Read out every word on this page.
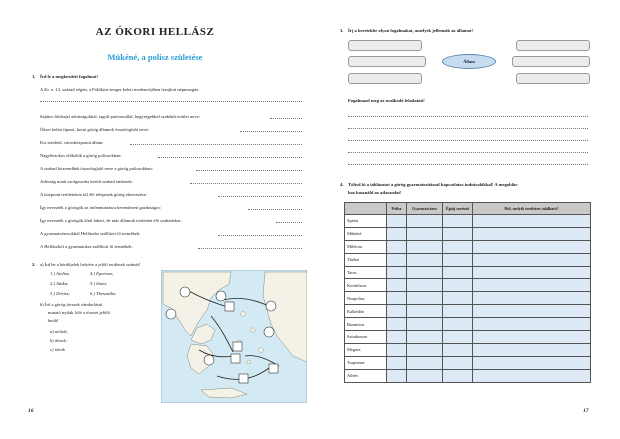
AZ ÓKORI HELLÁSZ
Mükéné, a polisz születése
1. Írd le a megkezdett fogalmat!
A Kr. e. 13. század végén, a Földközi-tenger keleti medencéjében lezajlott népmozgás:
Sajátos földrajzi adottságokkal, tagolt partvonallal, hegységekkel szabdalt terület neve:
Ókori keleti típusú, korai görög államok összefoglaló neve:
Kis területű, városközpontú állam:
Nagybirtokos előkelők a görög poliszokban:
A szabad közrendűek összefoglaló neve a görög poliszokban:
Adósság miatt szolgasorba került szabad emberek:
A központi területeken túl élő telepesek görög elnevezése:
Így nevezték a görögök az önfenntartásra berendezett gazdaságot:
Így nevezték a görögök által lakott, de más államok területén élő szabadokat:
A gyarmatvárosokból Hellászba szállított fő termékek:
A Hellászból a gyarmatokra szállított fő termékek:
2. a) Írd be a kérdőjelek helyére a jelölt területek számát!
1.) Aiolisz;	4.) Epeirosz;
2.) Attika;	5.) Iónia;
3.) Dórisz;	6.) Thesszália
b) Írd a görög törzsek vándorlását
mutató nyilak fölé a törzset jelölő
betűt!
a) aiolok;
b) dórok;
c) iónok
16
3. Írj a keretekbe olyan fogalmakat, amelyek jellemzik az államot!
Állam
Fogalmazd meg az uralkodó feladatait!
4. Töltsd ki a táblázatot a görög gyarmatosítással kapcsolatos tudnivalókkal! A megoldás-
hoz használd az atlaszodat!
	Polisz	Gyarmatváros	Égtáj szerinti	Hol, melyik területen található?
Spárta				
Mükéné				
Milétosz				
Thébai				
Taras				
Korinthosz				
Neapolisz				
Kalkédón				
Bizantion				
Szirakuszai				
Megara				
Trapezunt				
Athén				
17
